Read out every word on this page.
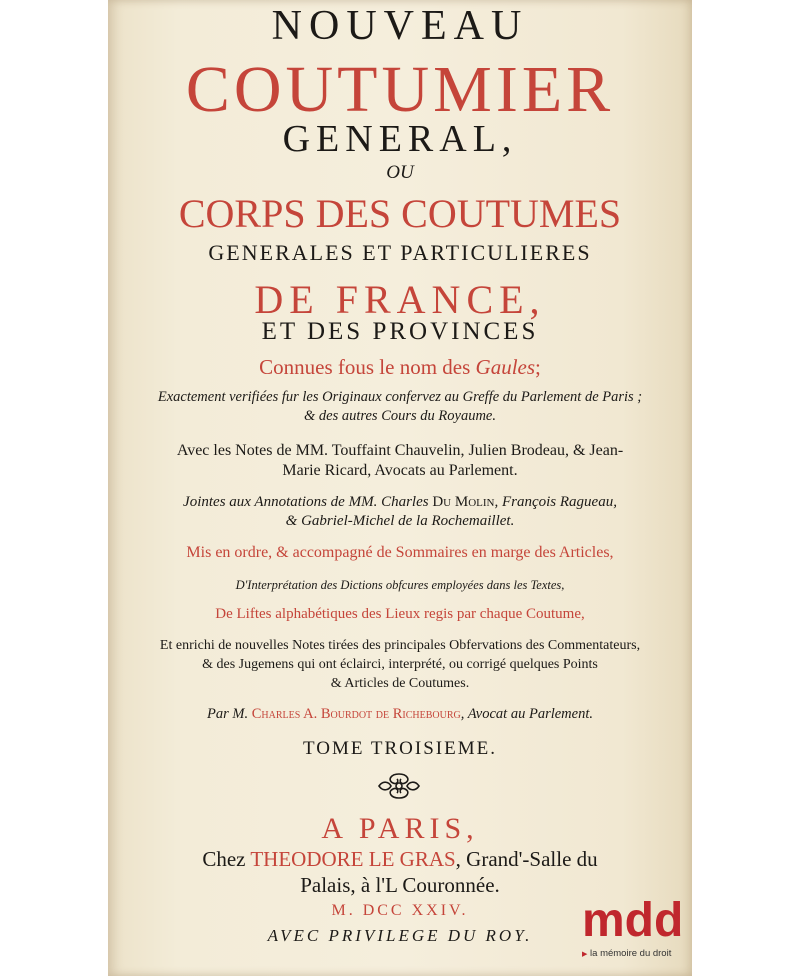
NOUVEAU
COUTUMIER
GENERAL,
OU
CORPS DES COUTUMES
GENERALES ET PARTICULIERES
DE FRANCE,
ET DES PROVINCES
Connues fous le nom des Gaules;
Exactement verifiées fur les Originaux confervez au Greffe du Parlement de Paris ;
& des autres Cours du Royaume.
Avec les Notes de MM. Touffaint Chauvelin, Julien Brodeau, & Jean-
Marie Ricard, Avocats au Parlement.
Jointes aux Annotations de MM. Charles Du Molin, François Ragueau,
& Gabriel-Michel de la Rochemaillet.
Mis en ordre, & accompagné de Sommaires en marge des Articles,
D'Interprétation des Dictions obfcures employées dans les Textes,
De Liftes alphabétiques des Lieux regis par chaque Coutume,
Et enrichi de nouvelles Notes tirées des principales Obfervations des Commentateurs,
& des Jugemens qui ont éclairci, interprété, ou corrigé quelques Points
& Articles de Coutumes.
Par M. Charles A. Bourdot de Richebourg, Avocat au Parlement.
TOME TROISIEME.
A PARIS,
Chez THEODORE LE GRAS, Grand'-Salle du
Palais, à l'L Couronnée.
M. DCC XXIV.
AVEC PRIVILEGE DU ROY.	mdd
▶ la mémoire du droit
